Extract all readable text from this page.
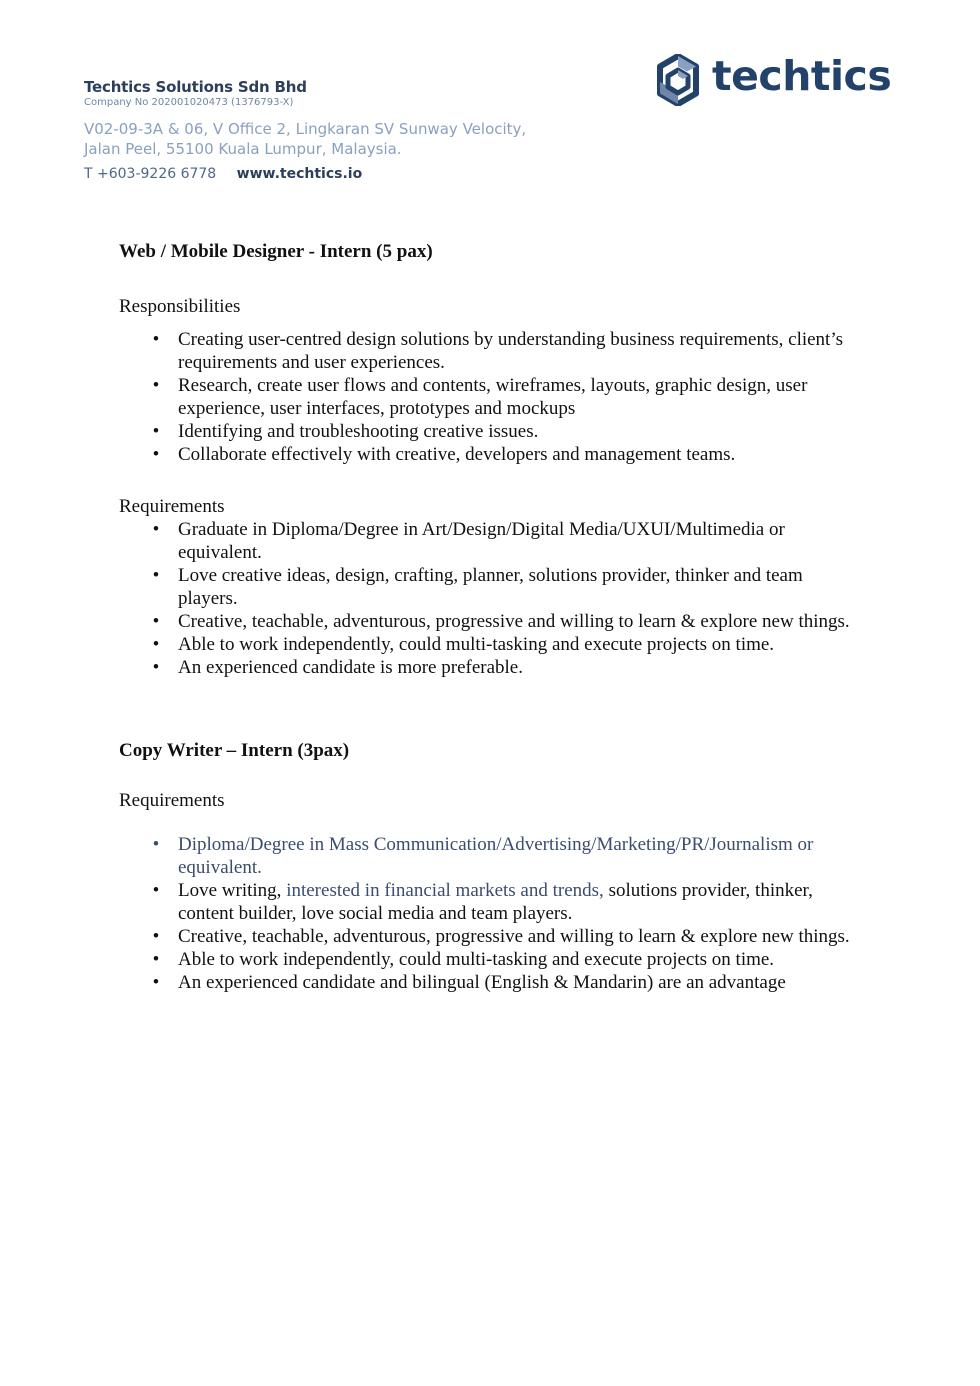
Techtics Solutions Sdn Bhd
Company No 202001020473 (1376793-X)
V02-09-3A & 06, V Office 2, Lingkaran SV Sunway Velocity,
Jalan Peel, 55100 Kuala Lumpur, Malaysia.
T +603-9226 6778 www.techtics.io

techtics

Web / Mobile Designer - Intern (5 pax)

Responsibilities

• Creating user-centred design solutions by understanding business requirements, client’s requirements and user experiences.
• Research, create user flows and contents, wireframes, layouts, graphic design, user experience, user interfaces, prototypes and mockups
• Identifying and troubleshooting creative issues.
• Collaborate effectively with creative, developers and management teams.

Requirements

• Graduate in Diploma/Degree in Art/Design/Digital Media/UXUI/Multimedia or equivalent.
• Love creative ideas, design, crafting, planner, solutions provider, thinker and team players.
• Creative, teachable, adventurous, progressive and willing to learn & explore new things.
• Able to work independently, could multi-tasking and execute projects on time.
• An experienced candidate is more preferable.
Copy Writer – Intern (3pax)

Requirements

• Diploma/Degree in Mass Communication/Advertising/Marketing/PR/Journalism or equivalent.
• Love writing, interested in financial markets and trends, solutions provider, thinker, content builder, love social media and team players.
• Creative, teachable, adventurous, progressive and willing to learn & explore new things.
• Able to work independently, could multi-tasking and execute projects on time.
• An experienced candidate and bilingual (English & Mandarin) are an advantage
